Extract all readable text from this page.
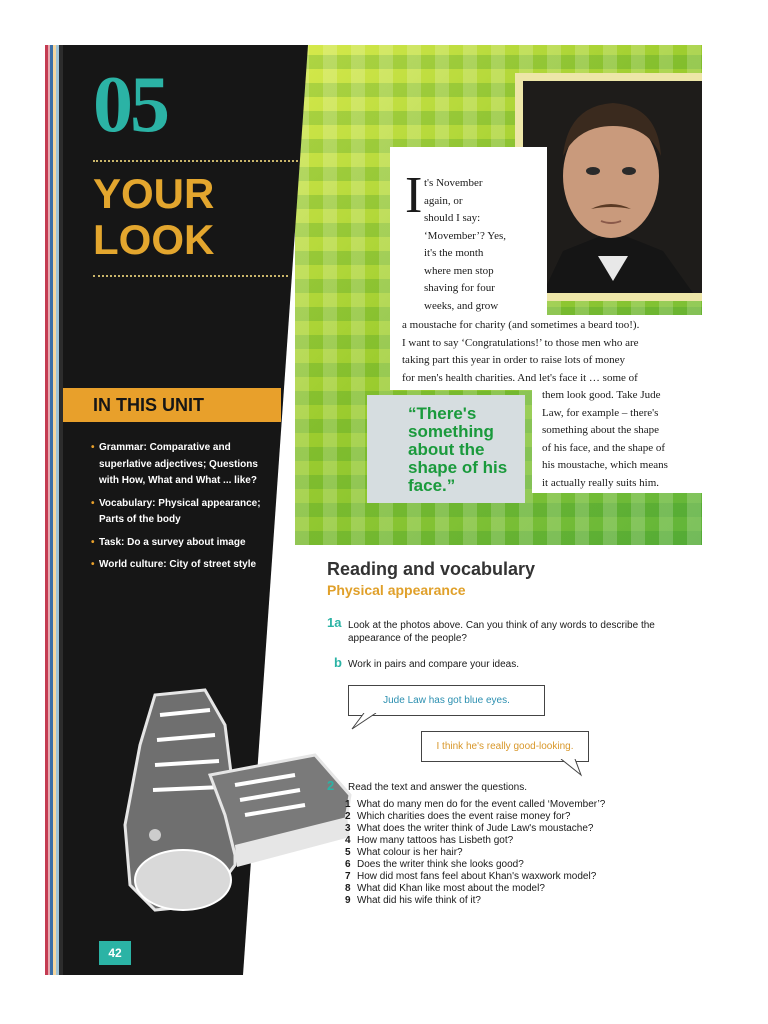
05
YOUR
LOOK
IN THIS UNIT
• Grammar: Comparative and superlative adjectives; Questions with How, What and What ... like?
• Vocabulary: Physical appearance; Parts of the body
• Task: Do a survey about image
• World culture: City of street style
42
I t's November
again, or
should I say:
‘Movember’? Yes,
it's the month
where men stop
shaving for four
weeks, and grow
a moustache for charity (and sometimes a beard too!).
I want to say ‘Congratulations!’ to those men who are
taking part this year in order to raise lots of money
for men's health charities. And let's face it … some of
them look good. Take Jude
Law, for example – there's
something about the shape
of his face, and the shape of
his moustache, which means
it actually really suits him.
“There's something about the shape of his face.”
Reading and vocabulary
Physical appearance
1a Look at the photos above. Can you think of any words to describe the appearance of the people?
b Work in pairs and compare your ideas.
Jude Law has got blue eyes.
I think he's really good-looking.
2 Read the text and answer the questions.
1 What do many men do for the event called ‘Movember’?
2 Which charities does the event raise money for?
3 What does the writer think of Jude Law's moustache?
4 How many tattoos has Lisbeth got?
5 What colour is her hair?
6 Does the writer think she looks good?
7 How did most fans feel about Khan's waxwork model?
8 What did Khan like most about the model?
9 What did his wife think of it?
